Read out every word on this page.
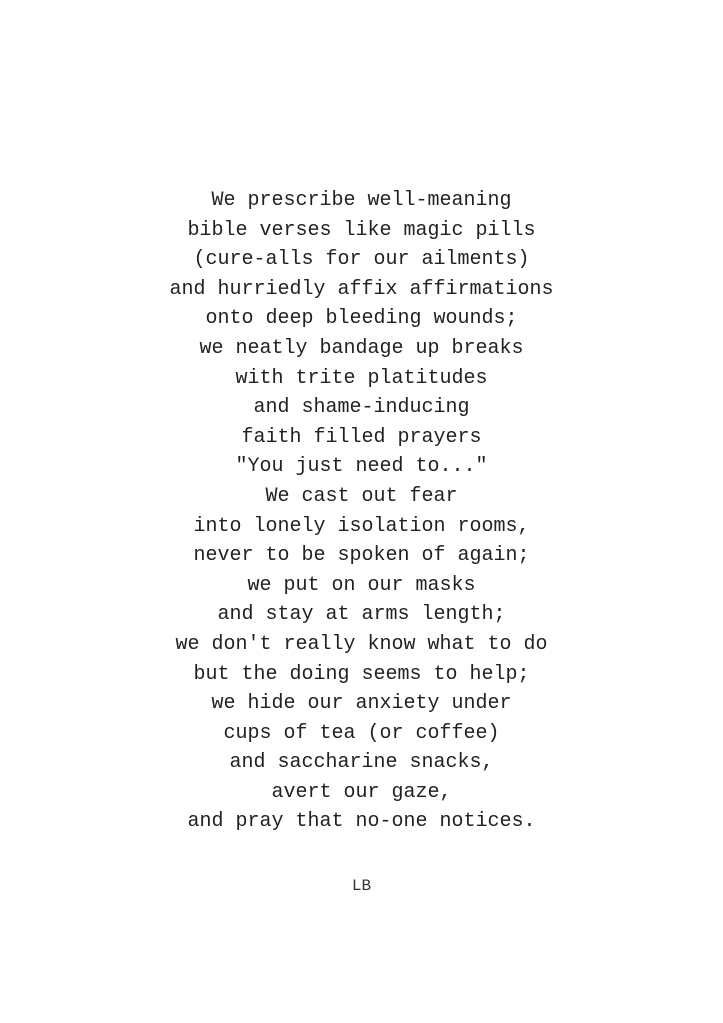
We prescribe well-meaning
bible verses like magic pills
(cure-alls for our ailments)
and hurriedly affix affirmations
onto deep bleeding wounds;
we neatly bandage up breaks
with trite platitudes
and shame-inducing
faith filled prayers
"You just need to..."
We cast out fear
into lonely isolation rooms,
never to be spoken of again;
we put on our masks
and stay at arms length;
we don't really know what to do
but the doing seems to help;
we hide our anxiety under
cups of tea (or coffee)
and saccharine snacks,
avert our gaze,
and pray that no-one notices.
LB
